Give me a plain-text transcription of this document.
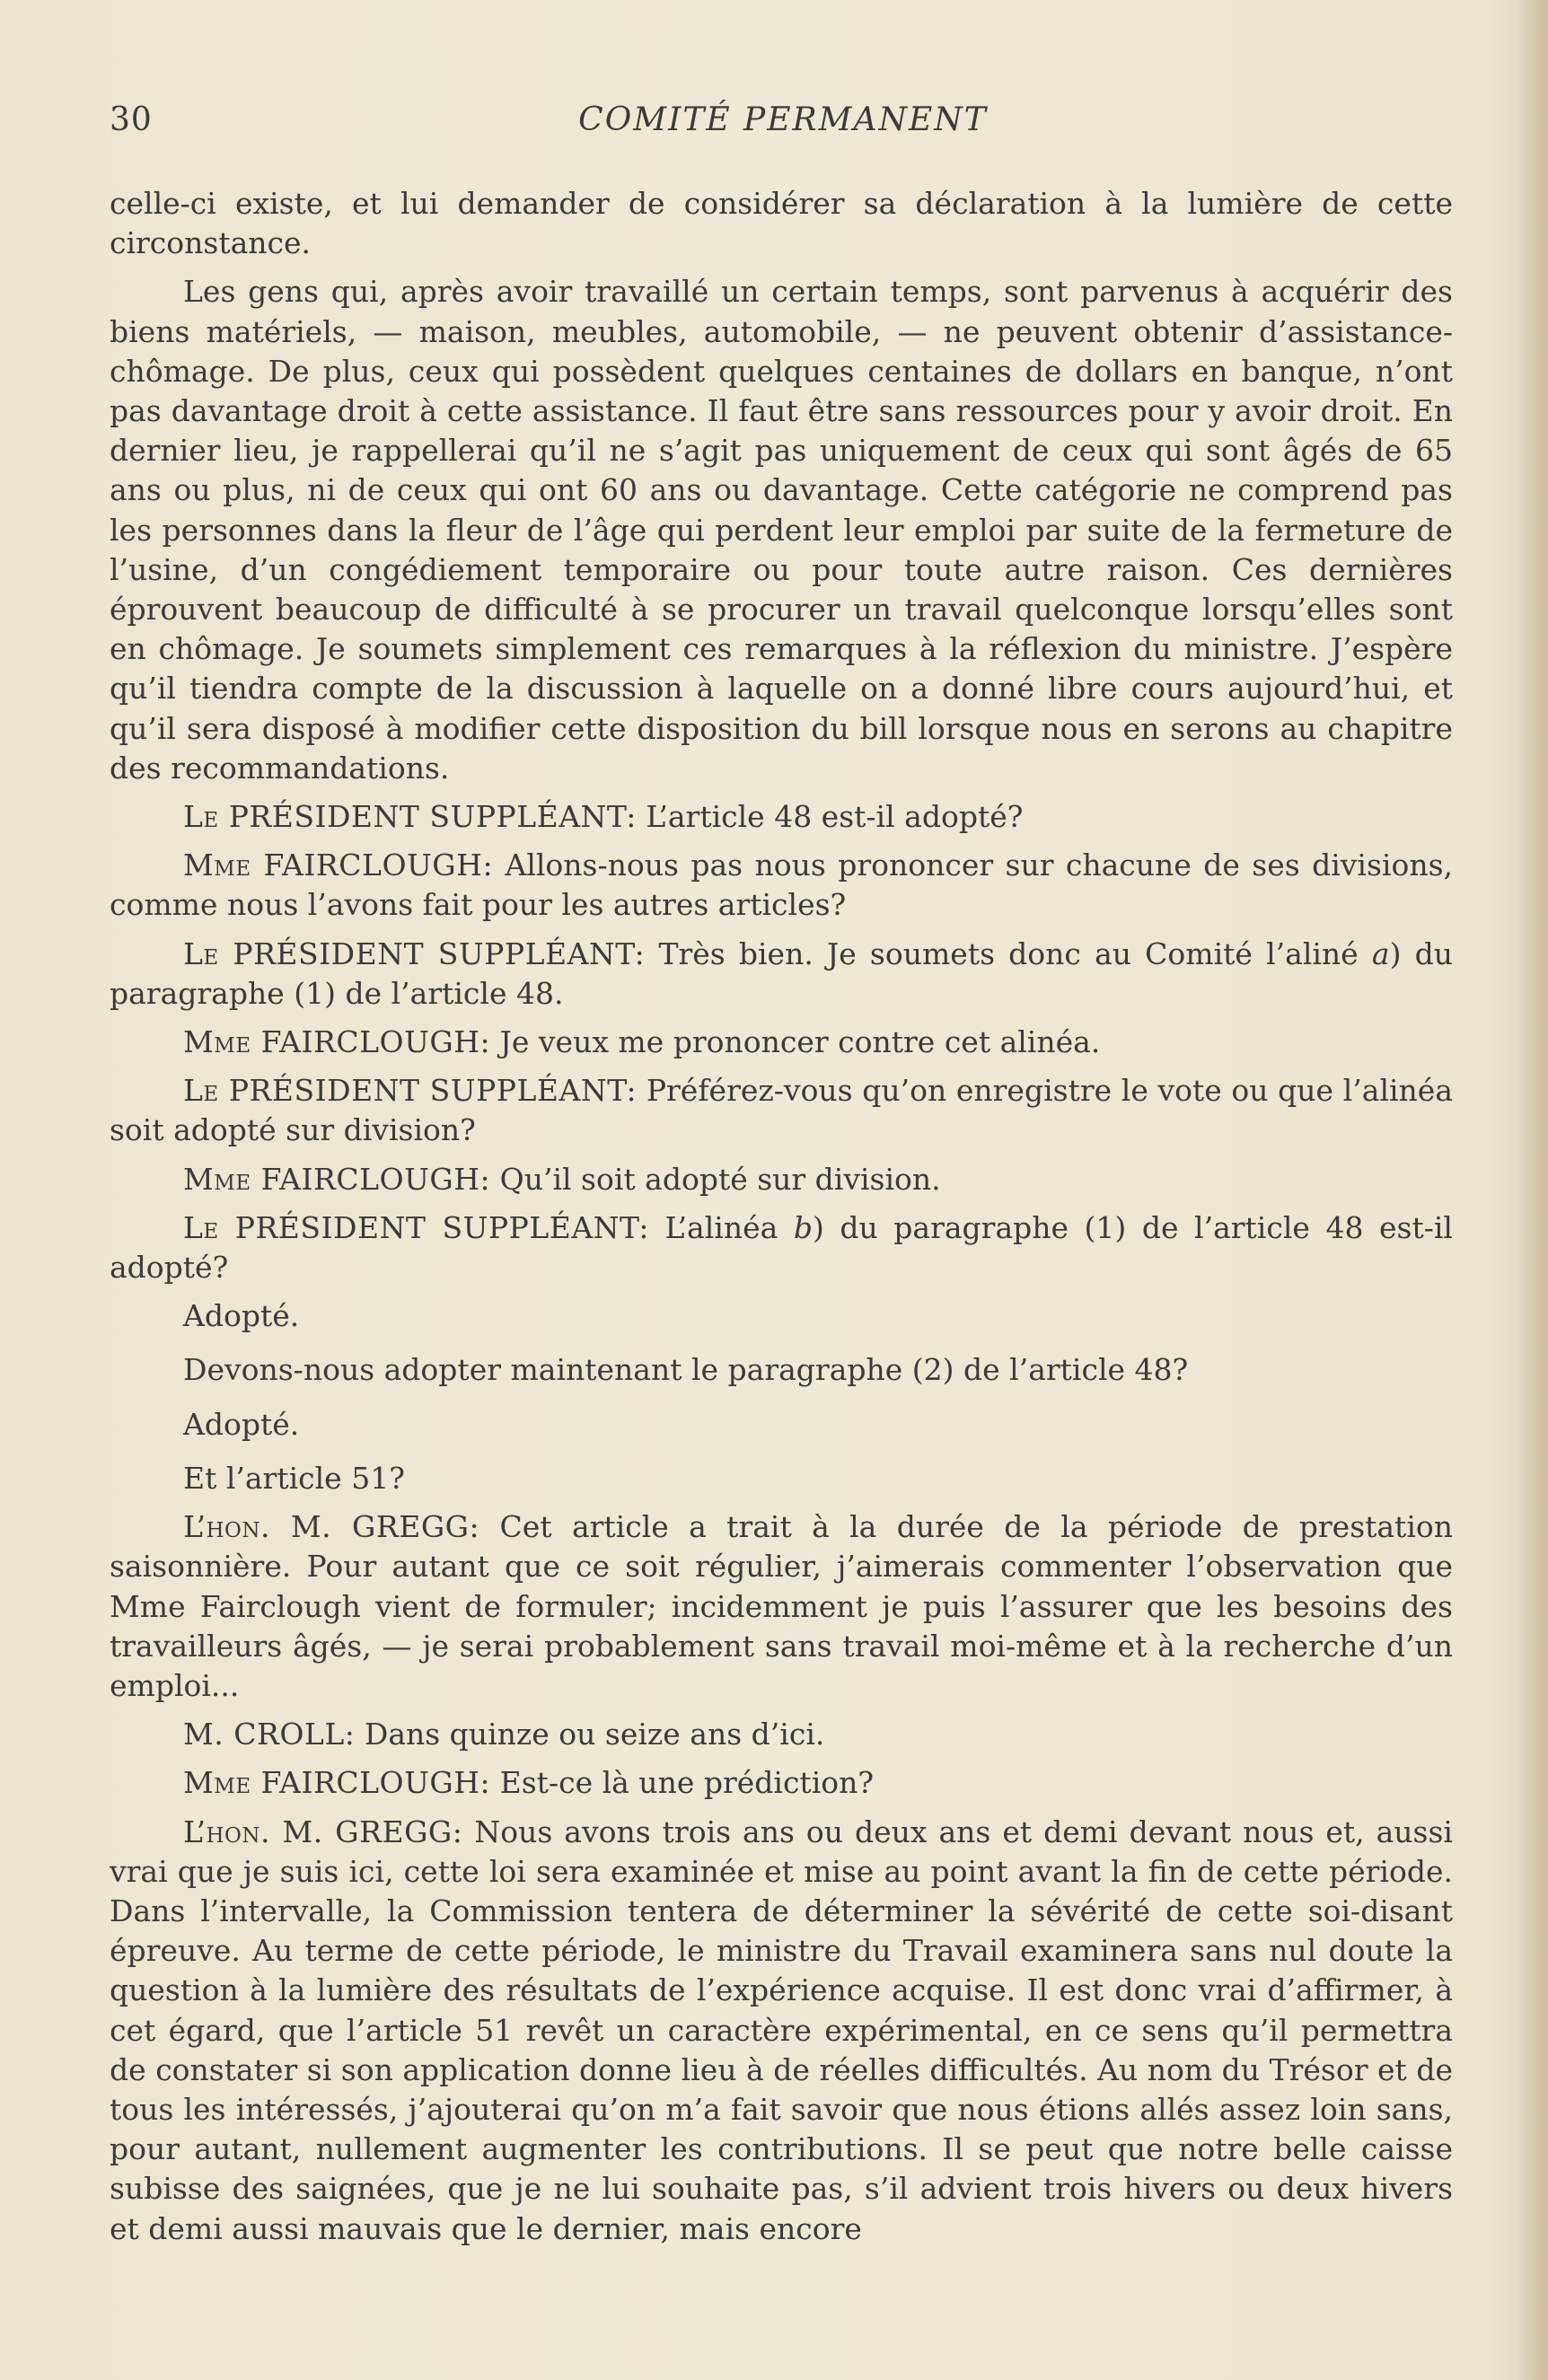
30	COMITÉ PERMANENT

celle-ci existe, et lui demander de considérer sa déclaration à la lumière de cette circonstance.

Les gens qui, après avoir travaillé un certain temps, sont parvenus à acquérir des biens matériels, — maison, meubles, automobile, — ne peuvent obtenir d’assistance-chômage. De plus, ceux qui possèdent quelques centaines de dollars en banque, n’ont pas davantage droit à cette assistance. Il faut être sans ressources pour y avoir droit. En dernier lieu, je rappellerai qu’il ne s’agit pas uniquement de ceux qui sont âgés de 65 ans ou plus, ni de ceux qui ont 60 ans ou davantage. Cette catégorie ne comprend pas les personnes dans la fleur de l’âge qui perdent leur emploi par suite de la fermeture de l’usine, d’un congédiement temporaire ou pour toute autre raison. Ces dernières éprouvent beaucoup de difficulté à se procurer un travail quelconque lorsqu’elles sont en chômage. Je soumets simplement ces remarques à la réflexion du ministre. J’espère qu’il tiendra compte de la discussion à laquelle on a donné libre cours aujourd’hui, et qu’il sera disposé à modifier cette disposition du bill lorsque nous en serons au chapitre des recommandations.

Le PRÉSIDENT SUPPLÉANT: L’article 48 est-il adopté?

Mme FAIRCLOUGH: Allons-nous pas nous prononcer sur chacune de ses divisions, comme nous l’avons fait pour les autres articles?

Le PRÉSIDENT SUPPLÉANT: Très bien. Je soumets donc au Comité l’aliné a) du paragraphe (1) de l’article 48.

Mme FAIRCLOUGH: Je veux me prononcer contre cet alinéa.

Le PRÉSIDENT SUPPLÉANT: Préférez-vous qu’on enregistre le vote ou que l’alinéa soit adopté sur division?

Mme FAIRCLOUGH: Qu’il soit adopté sur division.

Le PRÉSIDENT SUPPLÉANT: L’alinéa b) du paragraphe (1) de l’article 48 est-il adopté?

Adopté.

Devons-nous adopter maintenant le paragraphe (2) de l’article 48?

Adopté.

Et l’article 51?

L’hon. M. GREGG: Cet article a trait à la durée de la période de prestation saisonnière. Pour autant que ce soit régulier, j’aimerais commenter l’observation que Mme Fairclough vient de formuler; incidemment je puis l’assurer que les besoins des travailleurs âgés, — je serai probablement sans travail moi-même et à la recherche d’un emploi...

M. CROLL: Dans quinze ou seize ans d’ici.

Mme FAIRCLOUGH: Est-ce là une prédiction?

L’hon. M. GREGG: Nous avons trois ans ou deux ans et demi devant nous et, aussi vrai que je suis ici, cette loi sera examinée et mise au point avant la fin de cette période. Dans l’intervalle, la Commission tentera de déterminer la sévérité de cette soi-disant épreuve. Au terme de cette période, le ministre du Travail examinera sans nul doute la question à la lumière des résultats de l’expérience acquise. Il est donc vrai d’affirmer, à cet égard, que l’article 51 revêt un caractère expérimental, en ce sens qu’il permettra de constater si son application donne lieu à de réelles difficultés. Au nom du Trésor et de tous les intéressés, j’ajouterai qu’on m’a fait savoir que nous étions allés assez loin sans, pour autant, nullement augmenter les contributions. Il se peut que notre belle caisse subisse des saignées, que je ne lui souhaite pas, s’il advient trois hivers ou deux hivers et demi aussi mauvais que le dernier, mais encore
